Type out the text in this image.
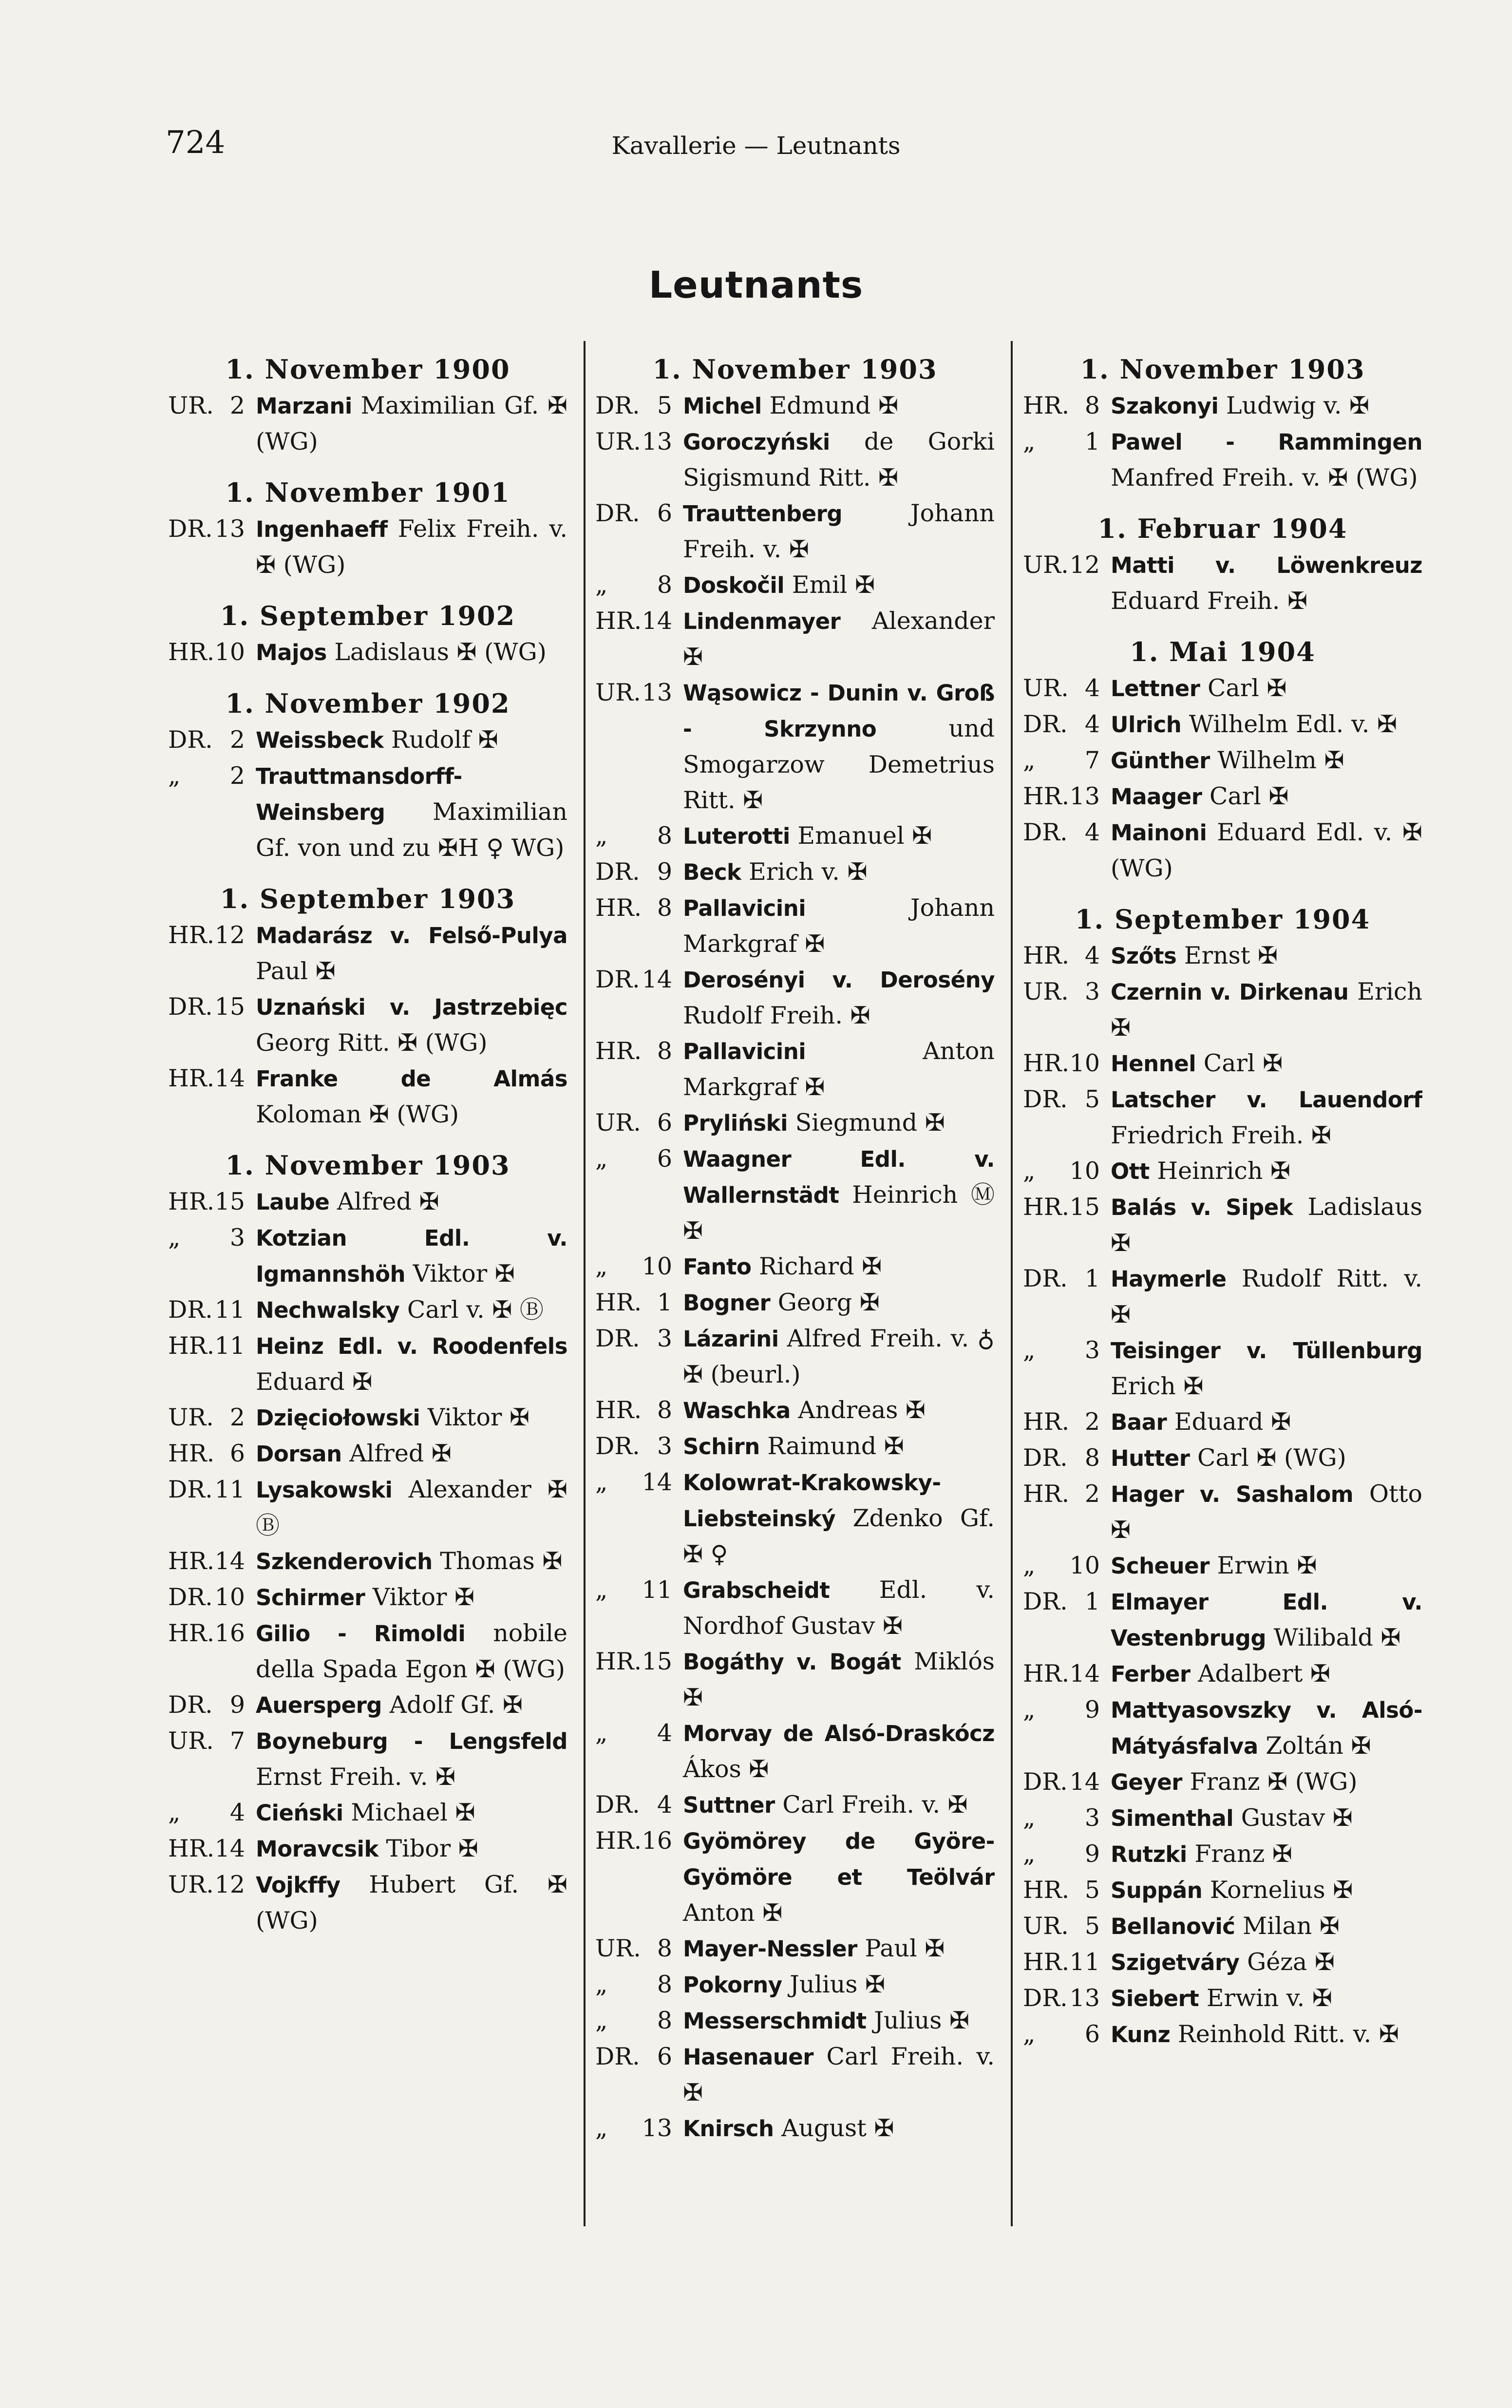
724	Kavallerie — Leutnants
Leutnants
1. November 1900
UR. 2 Marzani Maximilian Gf. ✠ (WG)
1. November 1901
DR. 13 Ingenhaeff Felix Freih. v. ✠ (WG)
1. September 1902
HR. 10 Majos Ladislaus ✠ (WG)
1. November 1902
DR. 2 Weissbeck Rudolf ✠
„	2 Trauttmansdorff-Weinsberg Maximilian Gf. von und zu ✠H ♀ WG)
1. September 1903
HR. 12 Madarász v. Felső-Pulya Paul ✠
DR. 15 Uznański v. Jastrzebięc Georg Ritt. ✠ (WG)
HR. 14 Franke de Almás Koloman ✠ (WG)
1. November 1903
HR. 15 Laube Alfred ✠
„	3 Kotzian Edl. v. Igmannshöh Viktor ✠
DR. 11 Nechwalsky Carl v. ✠ Ⓑ
HR. 11 Heinz Edl. v. Roodenfels Eduard ✠
UR. 2 Dzięciołowski Viktor ✠
HR. 6 Dorsan Alfred ✠
DR. 11 Lysakowski Alexander ✠ Ⓑ
HR. 14 Szkenderovich Thomas ✠
DR. 10 Schirmer Viktor ✠
HR. 16 Gilio - Rimoldi nobile della Spada Egon ✠ (WG)
DR. 9 Auersperg Adolf Gf. ✠
UR. 7 Boyneburg - Lengsfeld Ernst Freih. v. ✠
„	4 Cieński Michael ✠
HR. 14 Moravcsik Tibor ✠
UR. 12 Vojkffy Hubert Gf. ✠ (WG)
1. November 1903
DR. 5 Michel Edmund ✠
UR. 13 Goroczyński de Gorki Sigismund Ritt. ✠
DR. 6 Trauttenberg Johann Freih. v. ✠
„	8 Doskočil Emil ✠
HR. 14 Lindenmayer Alexander ✠
UR. 13 Wąsowicz - Dunin v. Groß - Skrzynno und Smogarzow Demetrius Ritt. ✠
„	8 Luterotti Emanuel ✠
DR. 9 Beck Erich v. ✠
HR. 8 Pallavicini Johann Markgraf ✠
DR. 14 Derosényi v. Derosény Rudolf Freih. ✠
HR. 8 Pallavicini Anton Markgraf ✠
UR. 6 Pryliński Siegmund ✠
„	6 Waagner Edl. v. Wallernstädt Heinrich Ⓜ ✠
„	10 Fanto Richard ✠
HR. 1 Bogner Georg ✠
DR. 3 Lázarini Alfred Freih. v. ♁ ✠ (beurl.)
HR. 8 Waschka Andreas ✠
DR. 3 Schirn Raimund ✠
„	14 Kolowrat-Krakowsky-Liebsteinský Zdenko Gf. ✠ ♀
„	11 Grabscheidt Edl. v. Nordhof Gustav ✠
HR. 15 Bogáthy v. Bogát Miklós ✠
„	4 Morvay de Alsó-Draskócz Ákos ✠
DR. 4 Suttner Carl Freih. v. ✠
HR. 16 Gyömörey de Györe-Gyömöre et Teölvár Anton ✠
UR. 8 Mayer-Nessler Paul ✠
„	8 Pokorny Julius ✠
„	8 Messerschmidt Julius ✠
DR. 6 Hasenauer Carl Freih. v. ✠
„	13 Knirsch August ✠
1. November 1903
HR. 8 Szakonyi Ludwig v. ✠
„	1 Pawel - Rammingen Manfred Freih. v. ✠ (WG)
1. Februar 1904
UR. 12 Matti v. Löwenkreuz Eduard Freih. ✠
1. Mai 1904
UR. 4 Lettner Carl ✠
DR. 4 Ulrich Wilhelm Edl. v. ✠
„	7 Günther Wilhelm ✠
HR. 13 Maager Carl ✠
DR. 4 Mainoni Eduard Edl. v. ✠ (WG)
1. September 1904
HR. 4 Szőts Ernst ✠
UR. 3 Czernin v. Dirkenau Erich ✠
HR. 10 Hennel Carl ✠
DR. 5 Latscher v. Lauendorf Friedrich Freih. ✠
„	10 Ott Heinrich ✠
HR. 15 Balás v. Sipek Ladislaus ✠
DR. 1 Haymerle Rudolf Ritt. v. ✠
„	3 Teisinger v. Tüllenburg Erich ✠
HR. 2 Baar Eduard ✠
DR. 8 Hutter Carl ✠ (WG)
HR. 2 Hager v. Sashalom Otto ✠
„	10 Scheuer Erwin ✠
DR. 1 Elmayer Edl. v. Vestenbrugg Wilibald ✠
HR. 14 Ferber Adalbert ✠
„	9 Mattyasovszky v. Alsó-Mátyásfalva Zoltán ✠
DR. 14 Geyer Franz ✠ (WG)
„	3 Simenthal Gustav ✠
„	9 Rutzki Franz ✠
HR. 5 Suppán Kornelius ✠
UR. 5 Bellanović Milan ✠
HR. 11 Szigetváry Géza ✠
DR. 13 Siebert Erwin v. ✠
„	6 Kunz Reinhold Ritt. v. ✠
